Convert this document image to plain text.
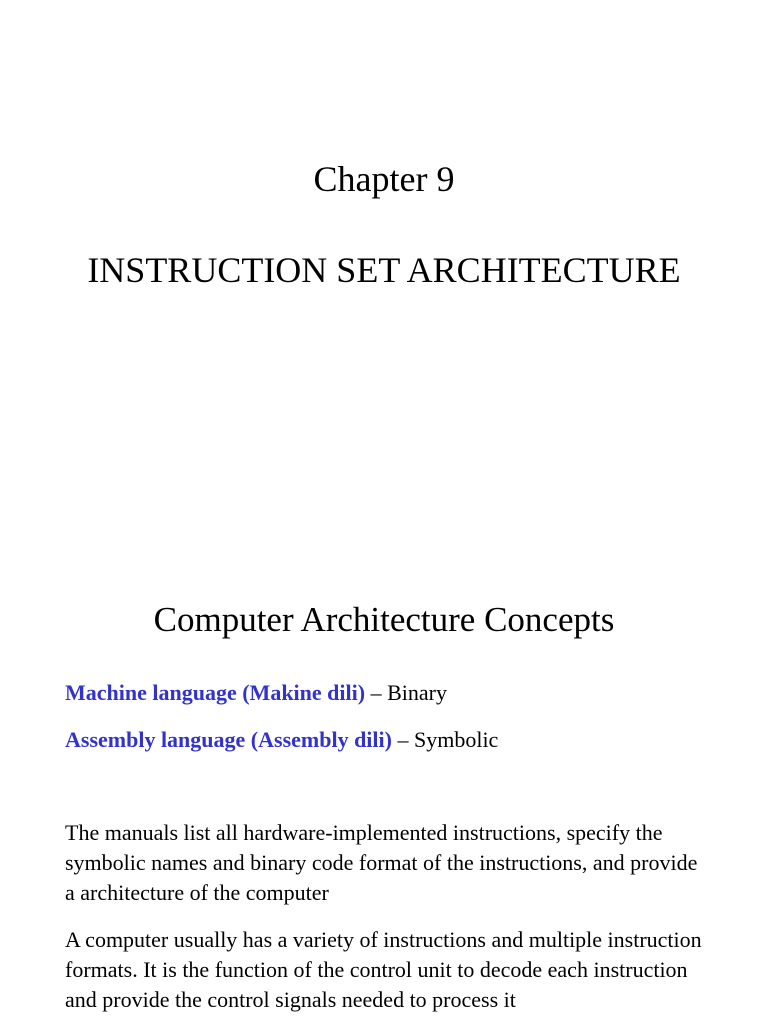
Chapter 9
INSTRUCTION SET ARCHITECTURE
Computer Architecture Concepts
Machine language (Makine dili) – Binary
Assembly language (Assembly dili) – Symbolic
The manuals list all hardware-implemented instructions, specify the symbolic names and binary code format of the instructions, and provide a architecture of the computer
A computer usually has a variety of instructions and multiple instruction formats. It is the function of the control unit to decode each instruction and provide the control signals needed to process it
